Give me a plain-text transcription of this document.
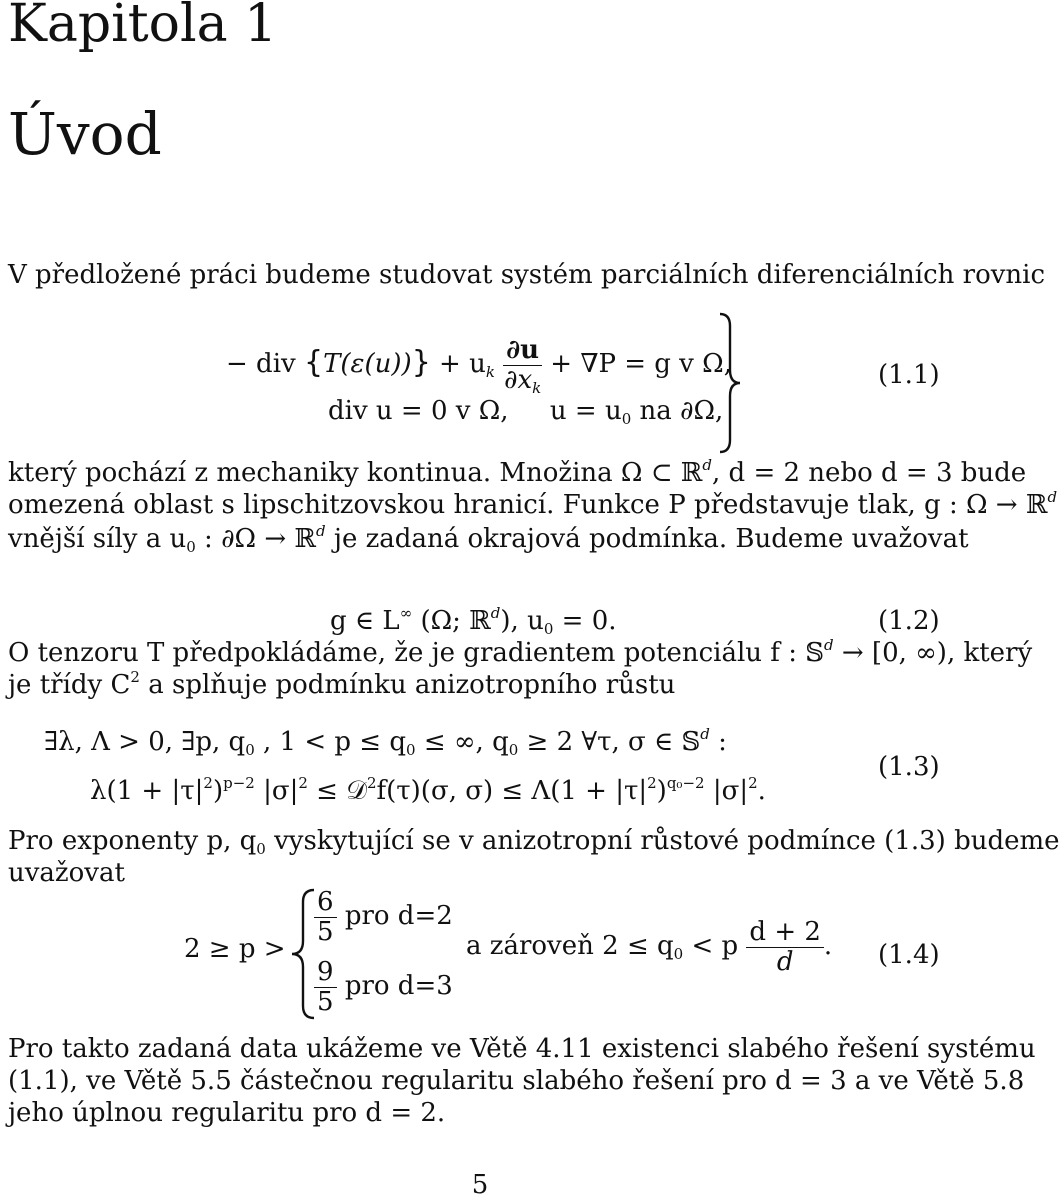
Kapitola 1
Úvod
V předložené práci budeme studovat systém parciálních diferenciálních rovnic
− div $\{T(\varepsilon(u))\} + u_k \frac{\partial u}{\partial x_k} + \nabla P = g$ v Ω,
div u = 0 v Ω, $u = u_0$ na ∂Ω,
(1.1)
který pochází z mechaniky kontinua. Množina Ω ⊂ ℝ$^d$, d = 2 nebo d = 3 bude
omezená oblast s lipschitzovskou hranicí. Funkce P představuje tlak, g : Ω → ℝ$^d$
vnější síly a $u_0$ : ∂Ω → ℝ$^d$ je zadaná okrajová podmínka. Budeme uvažovat
g ∈ L∞ (Ω; ℝ$^d$), $u_0 = 0$.	(1.2)
O tenzoru T předpokládáme, že je gradientem potenciálu f : 𝕊$^d$ → [0, ∞), který
je třídy $C^2$ a splňuje podmínku anizotropního růstu
∃λ, Λ > 0, ∃p, $q_0$ , $1 < p \le q_0$ ≤ ∞, $q_0 \ge 2$ ∀τ, σ ∈ 𝕊$^d$ :
$\lambda(1 + |\tau|^2)^{p-2}$ $|\sigma|^2$ ≤ 𝒟$^2$f(τ)(σ, $\sigma) \le \Lambda(1 + |\tau|^2)^{q_0-2}$ $|\sigma|^2$.
(1.3)
Pro exponenty p, $q_0$ vyskytující se v anizotropní růstové podmínce (1.3) budeme
uvažovat
2 ≥ p >
$\frac{6}{5}$ pro d=2
$\frac{9}{5}$ pro d=3
a zároveň $2 \le q_0 < p \frac{d + 2}{d}$ . (1.4)
Pro takto zadaná data ukážeme ve Větě 4.11 existenci slabého řešení systému
(1.1), ve Větě 5.5 částečnou regularitu slabého řešení pro d = 3 a ve Větě 5.8
jeho úplnou regularitu pro d = 2.
5
